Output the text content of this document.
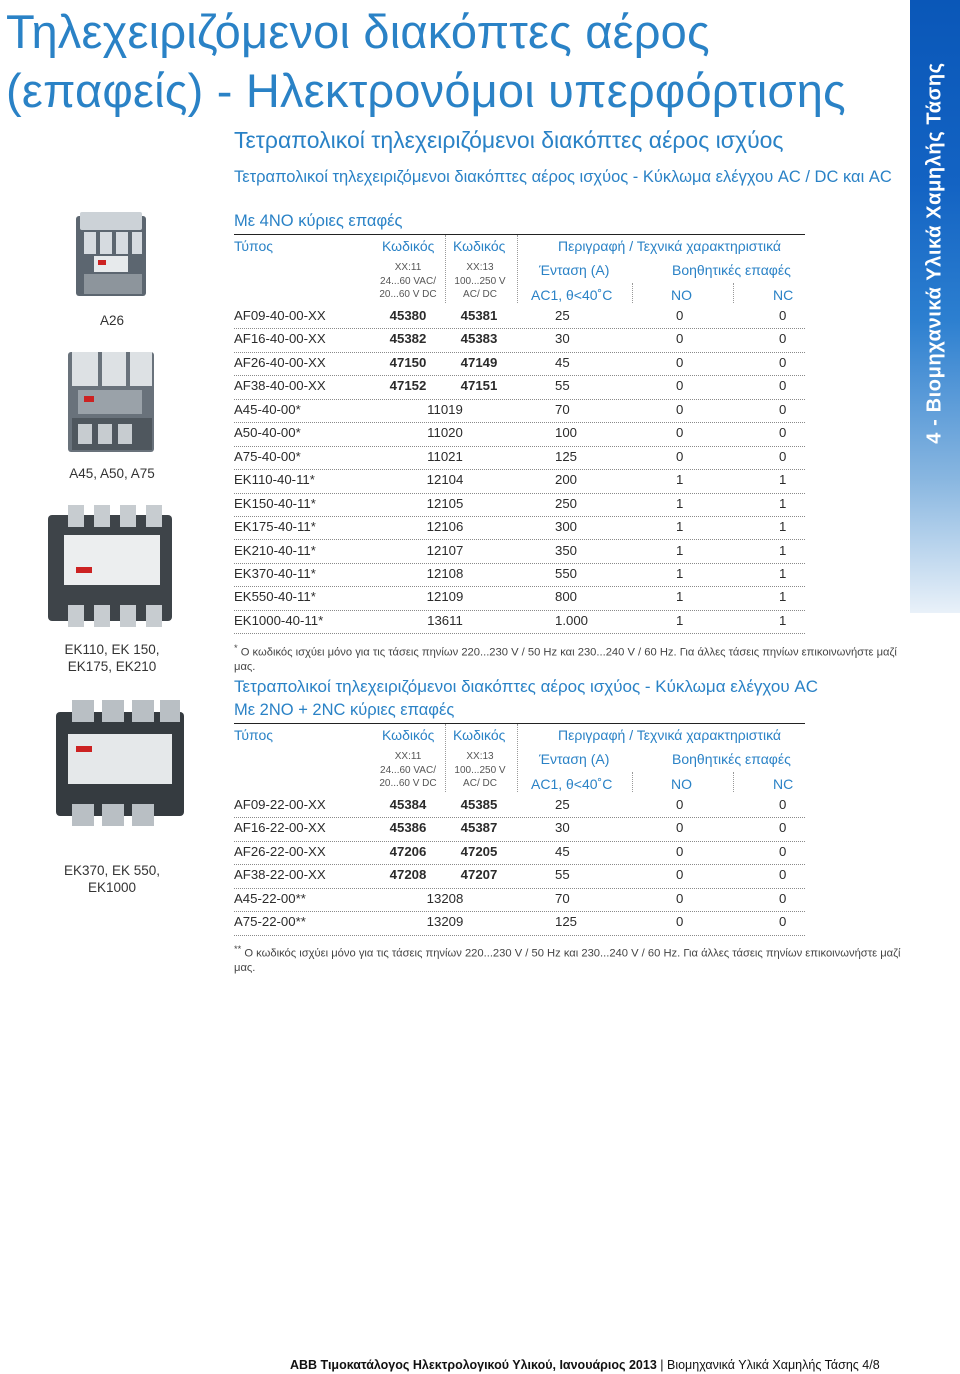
Τηλεχειριζόμενοι διακόπτες αέρος
(επαφείς) - Ηλεκτρονόμοι υπερφόρτισης	4 - Βιομηχανικά Υλικά Χαμηλής Τάσης
A26
A45, A50, A75
EK110, EK 150, EK175, EK210
EK370, EK 550, EK1000
Τετραπολικοί τηλεχειριζόμενοι διακόπτες αέρος ισχύος
Τετραπολικοί τηλεχειριζόμενοι διακόπτες αέρος ισχύος - Κύκλωμα ελέγχου AC / DC και AC
Με 4NO κύριες επαφές
Τύπος	Κωδικός Κωδικός	Περιγραφή / Τεχνικά χαρακτηριστικά
XX:11
24...60 VAC/
20...60 V DC
XX:13
100...250 V
AC/ DC
Ένταση (A)	Βοηθητικές επαφές
AC1, θ<40˚C	NO	NC
AF09-40-00-XX	45380	45381	25	0	0
AF16-40-00-XX	45382	45383	30	0	0
AF26-40-00-XX	47150	47149	45	0	0
AF38-40-00-XX	47152	47151	55	0	0
A45-40-00*	11019	70	0	0
A50-40-00*	11020	100	0	0
A75-40-00*	11021	125	0	0
EK110-40-11*	12104	200	1	1
EK150-40-11*	12105	250	1	1
EK175-40-11*	12106	300	1	1
EK210-40-11*	12107	350	1	1
EK370-40-11*	12108	550	1	1
EK550-40-11*	12109	800	1	1
EK1000-40-11*	13611	1.000	1	1
* Ο κωδικός ισχύει μόνο για τις τάσεις πηνίων 220...230 V / 50 Hz και 230...240 V / 60 Hz. Για άλλες τάσεις πηνίων επικοινωνήστε μαζί μας.
Τετραπολικοί τηλεχειριζόμενοι διακόπτες αέρος ισχύος - Κύκλωμα ελέγχου AC
Με 2NO + 2NC κύριες επαφές
Τύπος	Κωδικός Κωδικός	Περιγραφή / Τεχνικά χαρακτηριστικά
XX:11
24...60 VAC/
20...60 V DC
XX:13
100...250 V
AC/ DC
Ένταση (A)	Βοηθητικές επαφές
AC1, θ<40˚C	NO	NC
AF09-22-00-XX	45384	45385	25	0	0
AF16-22-00-XX	45386	45387	30	0	0
AF26-22-00-XX	47206	47205	45	0	0
AF38-22-00-XX	47208	47207	55	0	0
A45-22-00**	13208	70	0	0
A75-22-00**	13209	125	0	0
** Ο κωδικός ισχύει μόνο για τις τάσεις πηνίων 220...230 V / 50 Hz και 230...240 V / 60 Hz. Για άλλες τάσεις πηνίων επικοινωνήστε μαζί μας.
ABB Τιμοκατάλογος Ηλεκτρολογικού Υλικού, Ιανουάριος 2013 | Βιομηχανικά Υλικά Χαμηλής Τάσης 4/8
